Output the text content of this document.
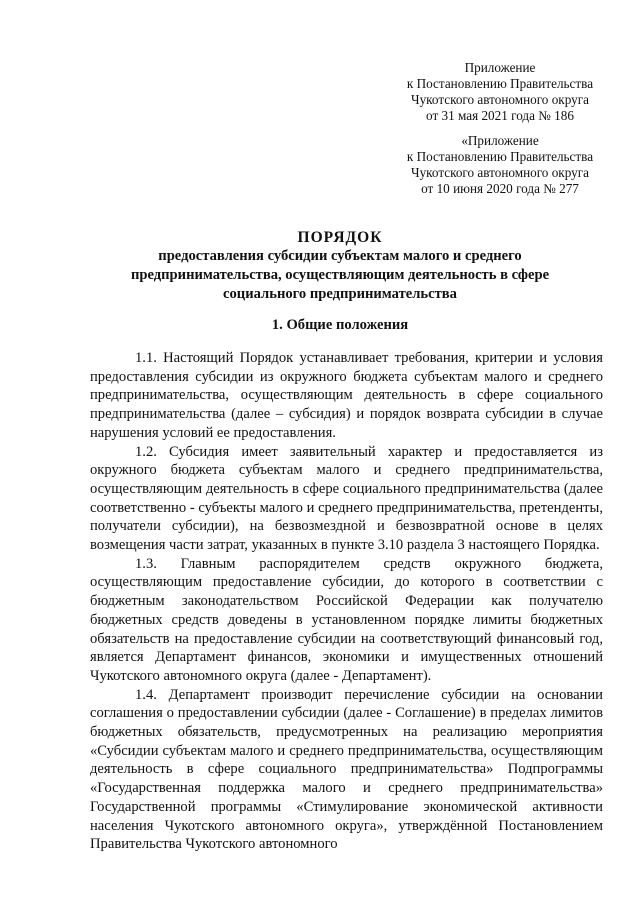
Приложение
к Постановлению Правительства
Чукотского автономного округа
от 31 мая 2021 года № 186
«Приложение
к Постановлению Правительства
Чукотского автономного округа
от 10 июня 2020 года № 277
ПОРЯДОК
предоставления субсидии субъектам малого и среднего
предпринимательства, осуществляющим деятельность в сфере
социального предпринимательства
1. Общие положения

1.1. Настоящий Порядок устанавливает требования, критерии и условия предоставления субсидии из окружного бюджета субъектам малого и среднего предпринимательства, осуществляющим деятельность в сфере социального предпринимательства (далее – субсидия) и порядок возврата субсидии в случае нарушения условий ее предоставления.

1.2. Субсидия имеет заявительный характер и предоставляется из окружного бюджета субъектам малого и среднего предпринимательства, осуществляющим деятельность в сфере социального предпринимательства (далее соответственно - субъекты малого и среднего предпринимательства, претенденты, получатели субсидии), на безвозмездной и безвозвратной основе в целях возмещения части затрат, указанных в пункте 3.10 раздела 3 настоящего Порядка.

1.3. Главным распорядителем средств окружного бюджета, осуществляющим предоставление субсидии, до которого в соответствии с бюджетным законодательством Российской Федерации как получателю бюджетных средств доведены в установленном порядке лимиты бюджетных обязательств на предоставление субсидии на соответствующий финансовый год, является Департамент финансов, экономики и имущественных отношений Чукотского автономного округа (далее - Департамент).

1.4. Департамент производит перечисление субсидии на основании соглашения о предоставлении субсидии (далее - Соглашение) в пределах лимитов бюджетных обязательств, предусмотренных на реализацию мероприятия «Субсидии субъектам малого и среднего предпринимательства, осуществляющим деятельность в сфере социального предпринимательства» Подпрограммы «Государственная поддержка малого и среднего предпринимательства» Государственной программы «Стимулирование экономической активности населения Чукотского автономного округа», утверждённой Постановлением Правительства Чукотского автономного
